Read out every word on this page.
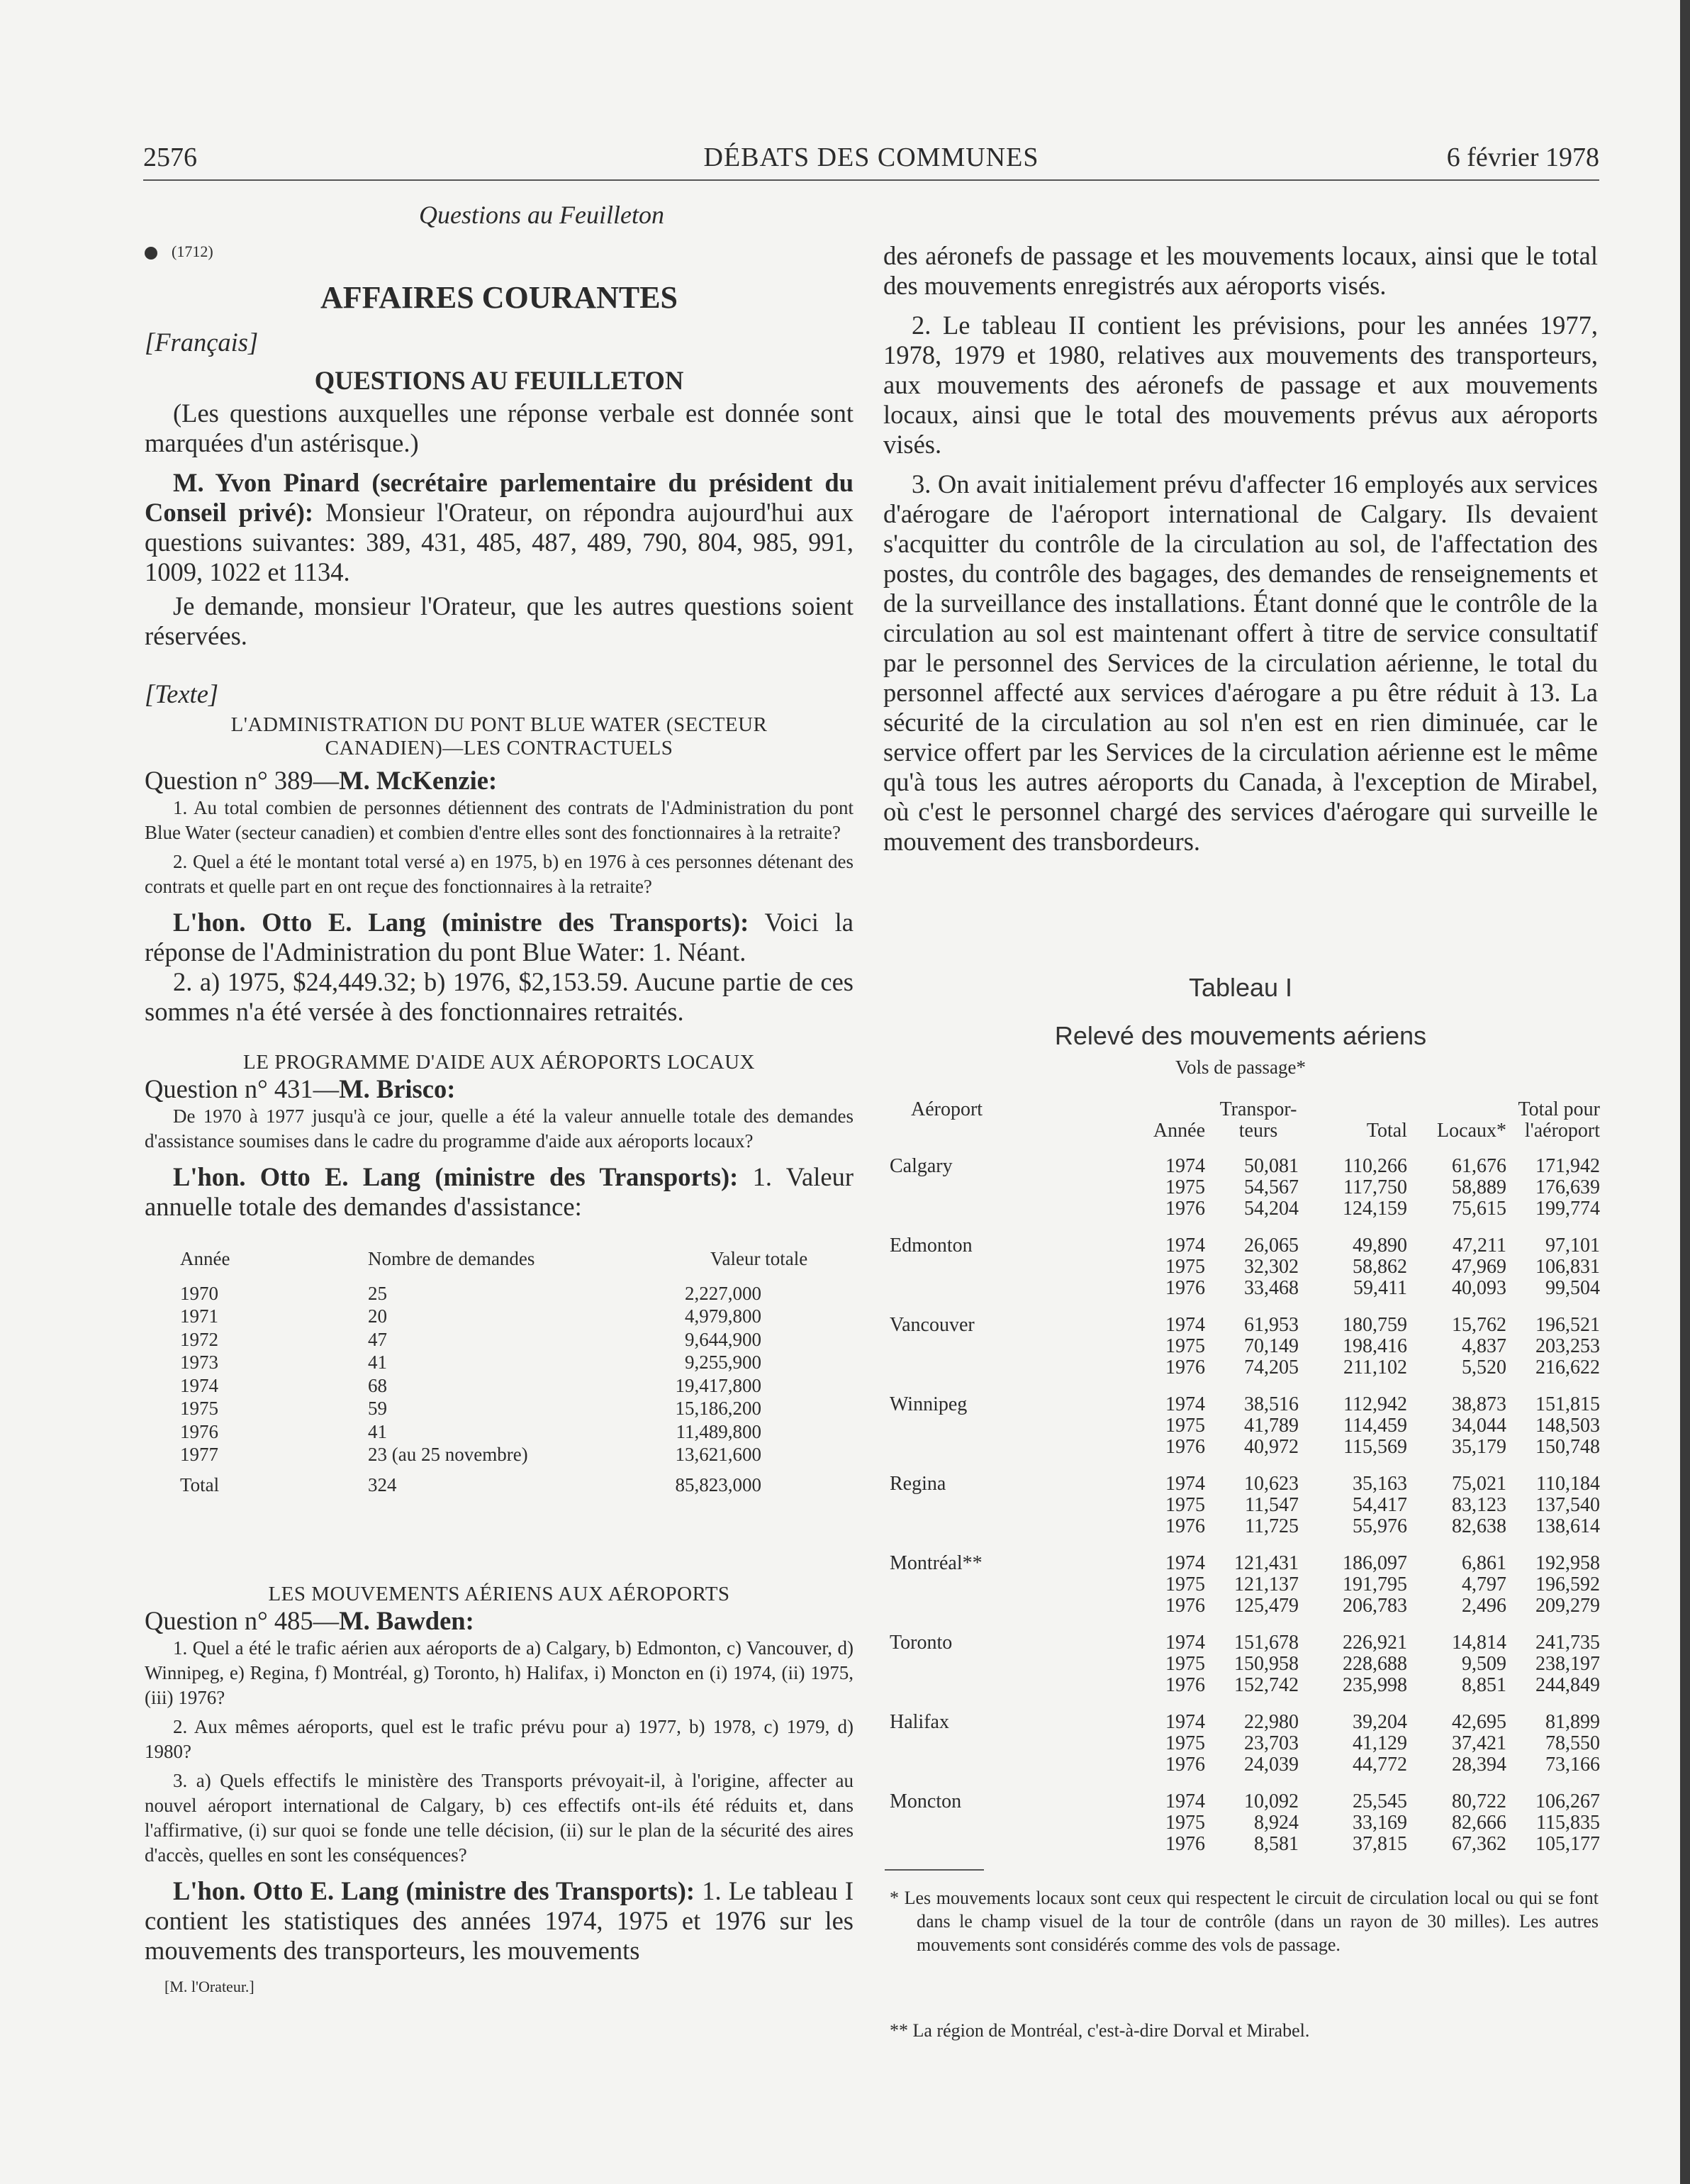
2576	DÉBATS DES COMMUNES	6 février 1978

Questions au Feuilleton

(1712)

AFFAIRES COURANTES

[Français]

QUESTIONS AU FEUILLETON

(Les questions auxquelles une réponse verbale est donnée sont marquées d'un astérisque.)

M. Yvon Pinard (secrétaire parlementaire du président du Conseil privé): Monsieur l'Orateur, on répondra aujourd'hui aux questions suivantes: 389, 431, 485, 487, 489, 790, 804, 985, 991, 1009, 1022 et 1134.

Je demande, monsieur l'Orateur, que les autres questions soient réservées.

[Texte]

L'ADMINISTRATION DU PONT BLUE WATER (SECTEUR CANADIEN)—LES CONTRACTUELS

Question n° 389—M. McKenzie:

1. Au total combien de personnes détiennent des contrats de l'Administration du pont Blue Water (secteur canadien) et combien d'entre elles sont des fonctionnaires à la retraite?

2. Quel a été le montant total versé a) en 1975, b) en 1976 à ces personnes détenant des contrats et quelle part en ont reçue des fonctionnaires à la retraite?

L'hon. Otto E. Lang (ministre des Transports): Voici la réponse de l'Administration du pont Blue Water: 1. Néant.

2. a) 1975, $24,449.32; b) 1976, $2,153.59. Aucune partie de ces sommes n'a été versée à des fonctionnaires retraités.

LE PROGRAMME D'AIDE AUX AÉROPORTS LOCAUX

Question n° 431—M. Brisco:

De 1970 à 1977 jusqu'à ce jour, quelle a été la valeur annuelle totale des demandes d'assistance soumises dans le cadre du programme d'aide aux aéroports locaux?

L'hon. Otto E. Lang (ministre des Transports): 1. Valeur annuelle totale des demandes d'assistance:

Année	Nombre de demandes	Valeur totale

1970	25	2,227,000
1971	20	4,979,800
1972	47	9,644,900
1973	41	9,255,900
1974	68	19,417,800
1975	59	15,186,200
1976	41	11,489,800
1977	23 (au 25 novembre)	13,621,600

Total	324	85,823,000

LES MOUVEMENTS AÉRIENS AUX AÉROPORTS

Question n° 485—M. Bawden:

1. Quel a été le trafic aérien aux aéroports de a) Calgary, b) Edmonton, c) Vancouver, d) Winnipeg, e) Regina, f) Montréal, g) Toronto, h) Halifax, i) Moncton en (i) 1974, (ii) 1975, (iii) 1976?

2. Aux mêmes aéroports, quel est le trafic prévu pour a) 1977, b) 1978, c) 1979, d) 1980?

3. a) Quels effectifs le ministère des Transports prévoyait-il, à l'origine, affecter au nouvel aéroport international de Calgary, b) ces effectifs ont-ils été réduits et, dans l'affirmative, (i) sur quoi se fonde une telle décision, (ii) sur le plan de la sécurité des aires d'accès, quelles en sont les conséquences?

L'hon. Otto E. Lang (ministre des Transports): 1. Le tableau I contient les statistiques des années 1974, 1975 et 1976 sur les mouvements des transporteurs, les mouvements

[M. l'Orateur.]

des aéronefs de passage et les mouvements locaux, ainsi que le total des mouvements enregistrés aux aéroports visés.

2. Le tableau II contient les prévisions, pour les années 1977, 1978, 1979 et 1980, relatives aux mouvements des transporteurs, aux mouvements des aéronefs de passage et aux mouvements locaux, ainsi que le total des mouvements prévus aux aéroports visés.

3. On avait initialement prévu d'affecter 16 employés aux services d'aérogare de l'aéroport international de Calgary. Ils devaient s'acquitter du contrôle de la circulation au sol, de l'affectation des postes, du contrôle des bagages, des demandes de renseignements et de la surveillance des installations. Étant donné que le contrôle de la circulation au sol est maintenant offert à titre de service consultatif par le personnel des Services de la circulation aérienne, le total du personnel affecté aux services d'aérogare a pu être réduit à 13. La sécurité de la circulation au sol n'en est en rien diminuée, car le service offert par les Services de la circulation aérienne est le même qu'à tous les autres aéroports du Canada, à l'exception de Mirabel, où c'est le personnel chargé des services d'aérogare qui surveille le mouvement des transbordeurs.

Tableau I
Relevé des mouvements aériens
Vols de passage*
Aéroport		Transpor-			Total pour
	Année	teurs	Total	Locaux*	l'aéroport

Calgary	1974	50,081	110,266	61,676	171,942
	1975	54,567	117,750	58,889	176,639
	1976	54,204	124,159	75,615	199,774

Edmonton	1974	26,065	49,890	47,211	97,101
	1975	32,302	58,862	47,969	106,831
	1976	33,468	59,411	40,093	99,504

Vancouver	1974	61,953	180,759	15,762	196,521
	1975	70,149	198,416	4,837	203,253
	1976	74,205	211,102	5,520	216,622

Winnipeg	1974	38,516	112,942	38,873	151,815
	1975	41,789	114,459	34,044	148,503
	1976	40,972	115,569	35,179	150,748

Regina	1974	10,623	35,163	75,021	110,184
	1975	11,547	54,417	83,123	137,540
	1976	11,725	55,976	82,638	138,614

Montréal**	1974	121,431	186,097	6,861	192,958
	1975	121,137	191,795	4,797	196,592
	1976	125,479	206,783	2,496	209,279

Toronto	1974	151,678	226,921	14,814	241,735
	1975	150,958	228,688	9,509	238,197
	1976	152,742	235,998	8,851	244,849

Halifax	1974	22,980	39,204	42,695	81,899
	1975	23,703	41,129	37,421	78,550
	1976	24,039	44,772	28,394	73,166

Moncton	1974	10,092	25,545	80,722	106,267
	1975	8,924	33,169	82,666	115,835
	1976	8,581	37,815	67,362	105,177
* Les mouvements locaux sont ceux qui respectent le circuit de circulation local ou qui se font dans le champ visuel de la tour de contrôle (dans un rayon de 30 milles). Les autres mouvements sont considérés comme des vols de passage.
** La région de Montréal, c'est-à-dire Dorval et Mirabel.
